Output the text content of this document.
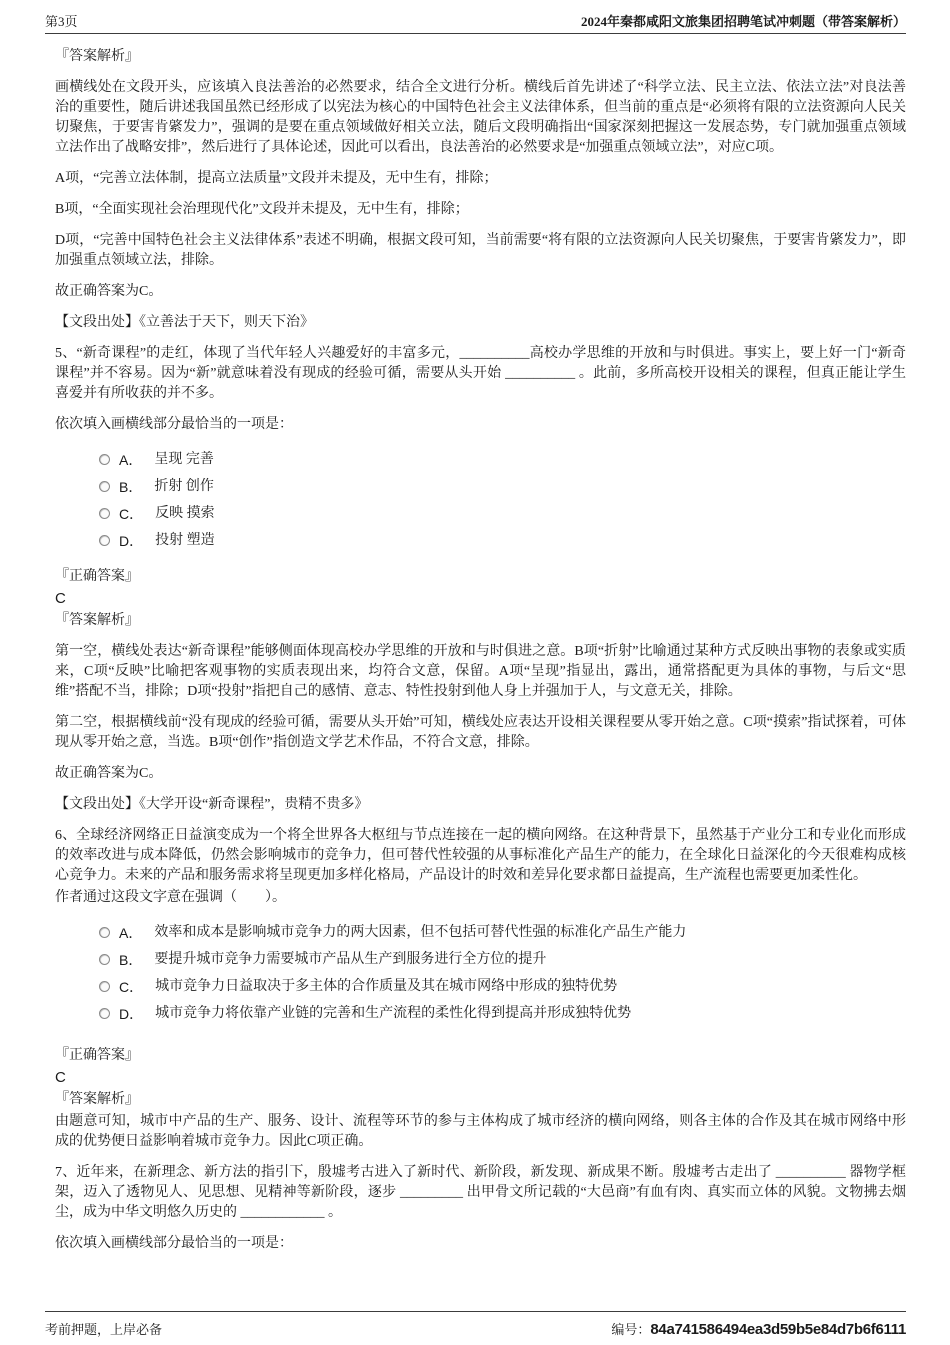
第3页	2024年秦都咸阳文旅集团招聘笔试冲刺题（带答案解析）
『答案解析』
画横线处在文段开头，应该填入良法善治的必然要求，结合全文进行分析。横线后首先讲述了“科学立法、民主立法、依法立法”对良法善治的重要性，随后讲述我国虽然已经形成了以宪法为核心的中国特色社会主义法律体系，但当前的重点是“必须将有限的立法资源向人民关切聚焦，于要害肯綮发力”，强调的是要在重点领域做好相关立法，随后文段明确指出“国家深刻把握这一发展态势，专门就加强重点领域立法作出了战略安排”，然后进行了具体论述，因此可以看出，良法善治的必然要求是“加强重点领域立法”，对应C项。
A项，“完善立法体制，提高立法质量”文段并未提及，无中生有，排除；
B项，“全面实现社会治理现代化”文段并未提及，无中生有，排除；
D项，“完善中国特色社会主义法律体系”表述不明确，根据文段可知，当前需要“将有限的立法资源向人民关切聚焦，于要害肯綮发力”，即加强重点领域立法，排除。
故正确答案为C。
【文段出处】《立善法于天下，则天下治》
5、“新奇课程”的走红，体现了当代年轻人兴趣爱好的丰富多元，__________高校办学思维的开放和与时俱进。事实上，要上好一门“新奇课程”并不容易。因为“新”就意味着没有现成的经验可循，需要从头开始 __________ 。此前，多所高校开设相关的课程，但真正能让学生喜爱并有所收获的并不多。
依次填入画横线部分最恰当的一项是：
A． 呈现 完善
B． 折射 创作
C． 反映 摸索
D． 投射 塑造
『正确答案』
C
『答案解析』
第一空，横线处表达“新奇课程”能够侧面体现高校办学思维的开放和与时俱进之意。B项“折射”比喻通过某种方式反映出事物的表象或实质来，C项“反映”比喻把客观事物的实质表现出来，均符合文意，保留。A项“呈现”指显出，露出，通常搭配更为具体的事物，与后文“思维”搭配不当，排除；D项“投射”指把自己的感情、意志、特性投射到他人身上并强加于人，与文意无关，排除。
第二空，根据横线前“没有现成的经验可循，需要从头开始”可知，横线处应表达开设相关课程要从零开始之意。C项“摸索”指试探着，可体现从零开始之意，当选。B项“创作”指创造文学艺术作品，不符合文意，排除。
故正确答案为C。
【文段出处】《大学开设“新奇课程”，贵精不贵多》
6、全球经济网络正日益演变成为一个将全世界各大枢纽与节点连接在一起的横向网络。在这种背景下，虽然基于产业分工和专业化而形成的效率改进与成本降低，仍然会影响城市的竞争力，但可替代性较强的从事标准化产品生产的能力，在全球化日益深化的今天很难构成核心竞争力。未来的产品和服务需求将呈现更加多样化格局，产品设计的时效和差异化要求都日益提高，生产流程也需要更加柔性化。
作者通过这段文字意在强调（　　）。
A． 效率和成本是影响城市竞争力的两大因素，但不包括可替代性强的标准化产品生产能力
B． 要提升城市竞争力需要城市产品从生产到服务进行全方位的提升
C． 城市竞争力日益取决于多主体的合作质量及其在城市网络中形成的独特优势
D． 城市竞争力将依靠产业链的完善和生产流程的柔性化得到提高并形成独特优势
『正确答案』
C
『答案解析』
由题意可知，城市中产品的生产、服务、设计、流程等环节的参与主体构成了城市经济的横向网络，则各主体的合作及其在城市网络中形成的优势便日益影响着城市竞争力。因此C项正确。
7、近年来，在新理念、新方法的指引下，殷墟考古进入了新时代、新阶段，新发现、新成果不断。殷墟考古走出了 __________ 器物学框架，迈入了透物见人、见思想、见精神等新阶段，逐步 _________ 出甲骨文所记载的“大邑商”有血有肉、真实而立体的风貌。文物拂去烟尘，成为中华文明悠久历史的 ____________ 。
依次填入画横线部分最恰当的一项是：
考前押题，上岸必备	编号：84a741586494ea3d59b5e84d7b6f6111
